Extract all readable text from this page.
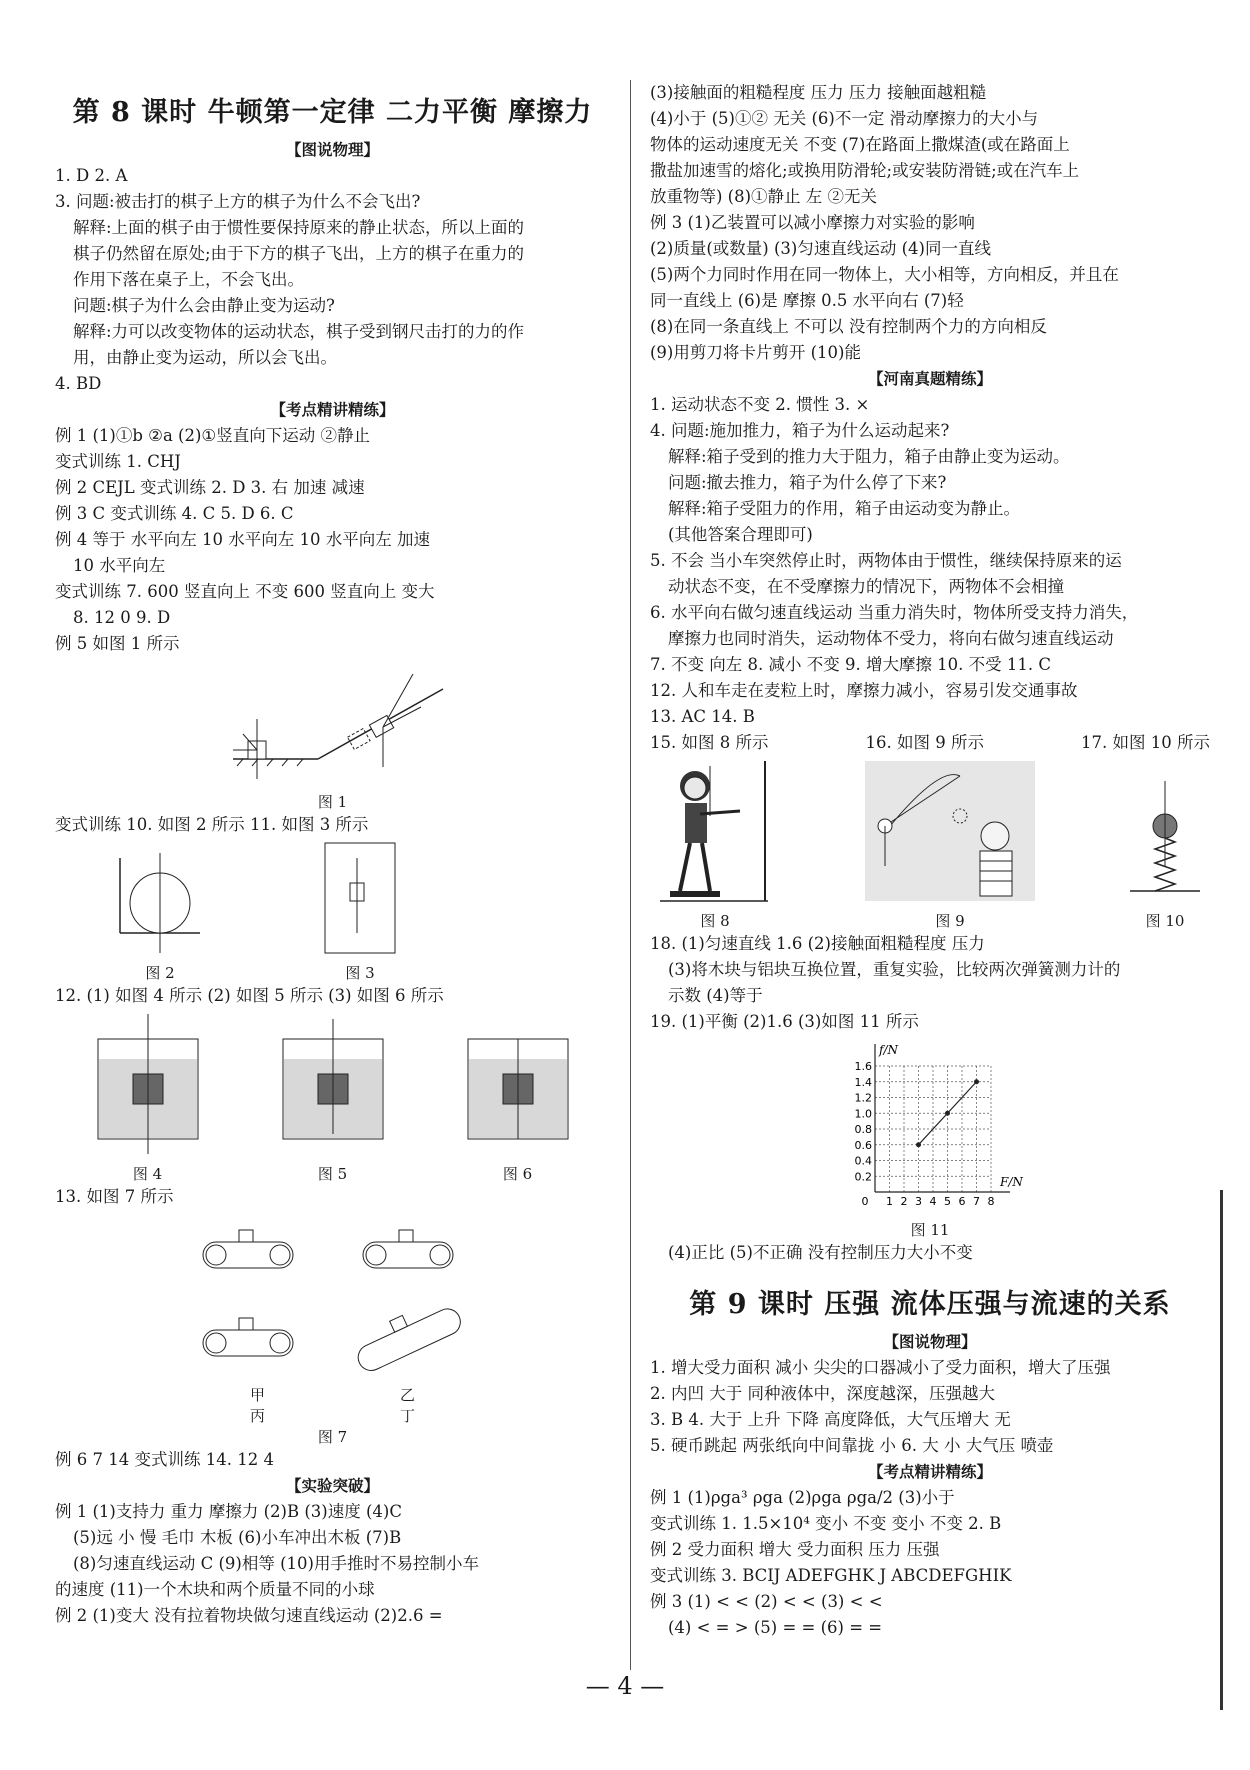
第 8 课时 牛顿第一定律 二力平衡 摩擦力
【图说物理】
1. D 2. A
3. 问题:被击打的棋子上方的棋子为什么不会飞出?
解释:上面的棋子由于惯性要保持原来的静止状态，所以上面的
棋子仍然留在原处;由于下方的棋子飞出，上方的棋子在重力的
作用下落在桌子上，不会飞出。
问题:棋子为什么会由静止变为运动?
解释:力可以改变物体的运动状态，棋子受到钢尺击打的力的作
用，由静止变为运动，所以会飞出。
4. BD
【考点精讲精练】
例 1 (1)①b ②a (2)①竖直向下运动 ②静止
变式训练 1. CHJ
例 2 CEJL 变式训练 2. D 3. 右 加速 减速
例 3 C 变式训练 4. C 5. D 6. C
例 4 等于 水平向左 10 水平向左 10 水平向左 加速
10 水平向左
变式训练 7. 600 竖直向上 不变 600 竖直向上 变大
8. 12 0 9. D
例 5 如图 1 所示
图 1
变式训练 10. 如图 2 所示 11. 如图 3 所示
图 2	图 3
12. (1) 如图 4 所示 (2) 如图 5 所示 (3) 如图 6 所示
图 4	图 5	图 6
13. 如图 7 所示
甲	乙
丙	丁
图 7
例 6 7 14 变式训练 14. 12 4
【实验突破】
例 1 (1)支持力 重力 摩擦力 (2)B (3)速度 (4)C
(5)远 小 慢 毛巾 木板 (6)小车冲出木板 (7)B
(8)匀速直线运动 C (9)相等 (10)用手推时不易控制小车
的速度 (11)一个木块和两个质量不同的小球
例 2 (1)变大 没有拉着物块做匀速直线运动 (2)2.6 =
(3)接触面的粗糙程度 压力 压力 接触面越粗糙
(4)小于 (5)①② 无关 (6)不一定 滑动摩擦力的大小与
物体的运动速度无关 不变 (7)在路面上撒煤渣(或在路面上
撒盐加速雪的熔化;或换用防滑轮;或安装防滑链;或在汽车上
放重物等) (8)①静止 左 ②无关
例 3 (1)乙装置可以减小摩擦力对实验的影响
(2)质量(或数量) (3)匀速直线运动 (4)同一直线
(5)两个力同时作用在同一物体上，大小相等，方向相反，并且在
同一直线上 (6)是 摩擦 0.5 水平向右 (7)轻
(8)在同一条直线上 不可以 没有控制两个力的方向相反
(9)用剪刀将卡片剪开 (10)能
【河南真题精练】
1. 运动状态不变 2. 惯性 3. ×
4. 问题:施加推力，箱子为什么运动起来?
解释:箱子受到的推力大于阻力，箱子由静止变为运动。
问题:撤去推力，箱子为什么停了下来?
解释:箱子受阻力的作用，箱子由运动变为静止。
(其他答案合理即可)
5. 不会 当小车突然停止时，两物体由于惯性，继续保持原来的运
动状态不变，在不受摩擦力的情况下，两物体不会相撞
6. 水平向右做匀速直线运动 当重力消失时，物体所受支持力消失，
摩擦力也同时消失，运动物体不受力，将向右做匀速直线运动
7. 不变 向左 8. 减小 不变 9. 增大摩擦 10. 不受 11. C
12. 人和车走在麦粒上时，摩擦力减小，容易引发交通事故
13. AC 14. B
15. 如图 8 所示	16. 如图 9 所示	17. 如图 10 所示
图 8	图 9	图 10
18. (1)匀速直线 1.6 (2)接触面粗糙程度 压力
(3)将木块与铝块互换位置，重复实验，比较两次弹簧测力计的
示数 (4)等于
19. (1)平衡 (2)1.6 (3)如图 11 所示
1 2 3 4 5 6 7 8
0.2
0.4
0.6
0.8
1.0
1.2
1.4
1.6
0
F/N
f/N
图 11
(4)正比 (5)不正确 没有控制压力大小不变
第 9 课时 压强 流体压强与流速的关系
【图说物理】
1. 增大受力面积 减小 尖尖的口器减小了受力面积，增大了压强
2. 内凹 大于 同种液体中，深度越深，压强越大
3. B 4. 大于 上升 下降 高度降低，大气压增大 无
5. 硬币跳起 两张纸向中间靠拢 小 6. 大 小 大气压 喷壶
【考点精讲精练】
例 1 (1)ρga³ ρga (2)ρga ρga/2 (3)小于
变式训练 1. 1.5×10⁴ 变小 不变 变小 不变 2. B
例 2 受力面积 增大 受力面积 压力 压强
变式训练 3. BCIJ ADEFGHK J ABCDEFGHIK
例 3 (1) < < (2) < < (3) < <
(4) < = > (5) = = (6) = =
— 4 —
